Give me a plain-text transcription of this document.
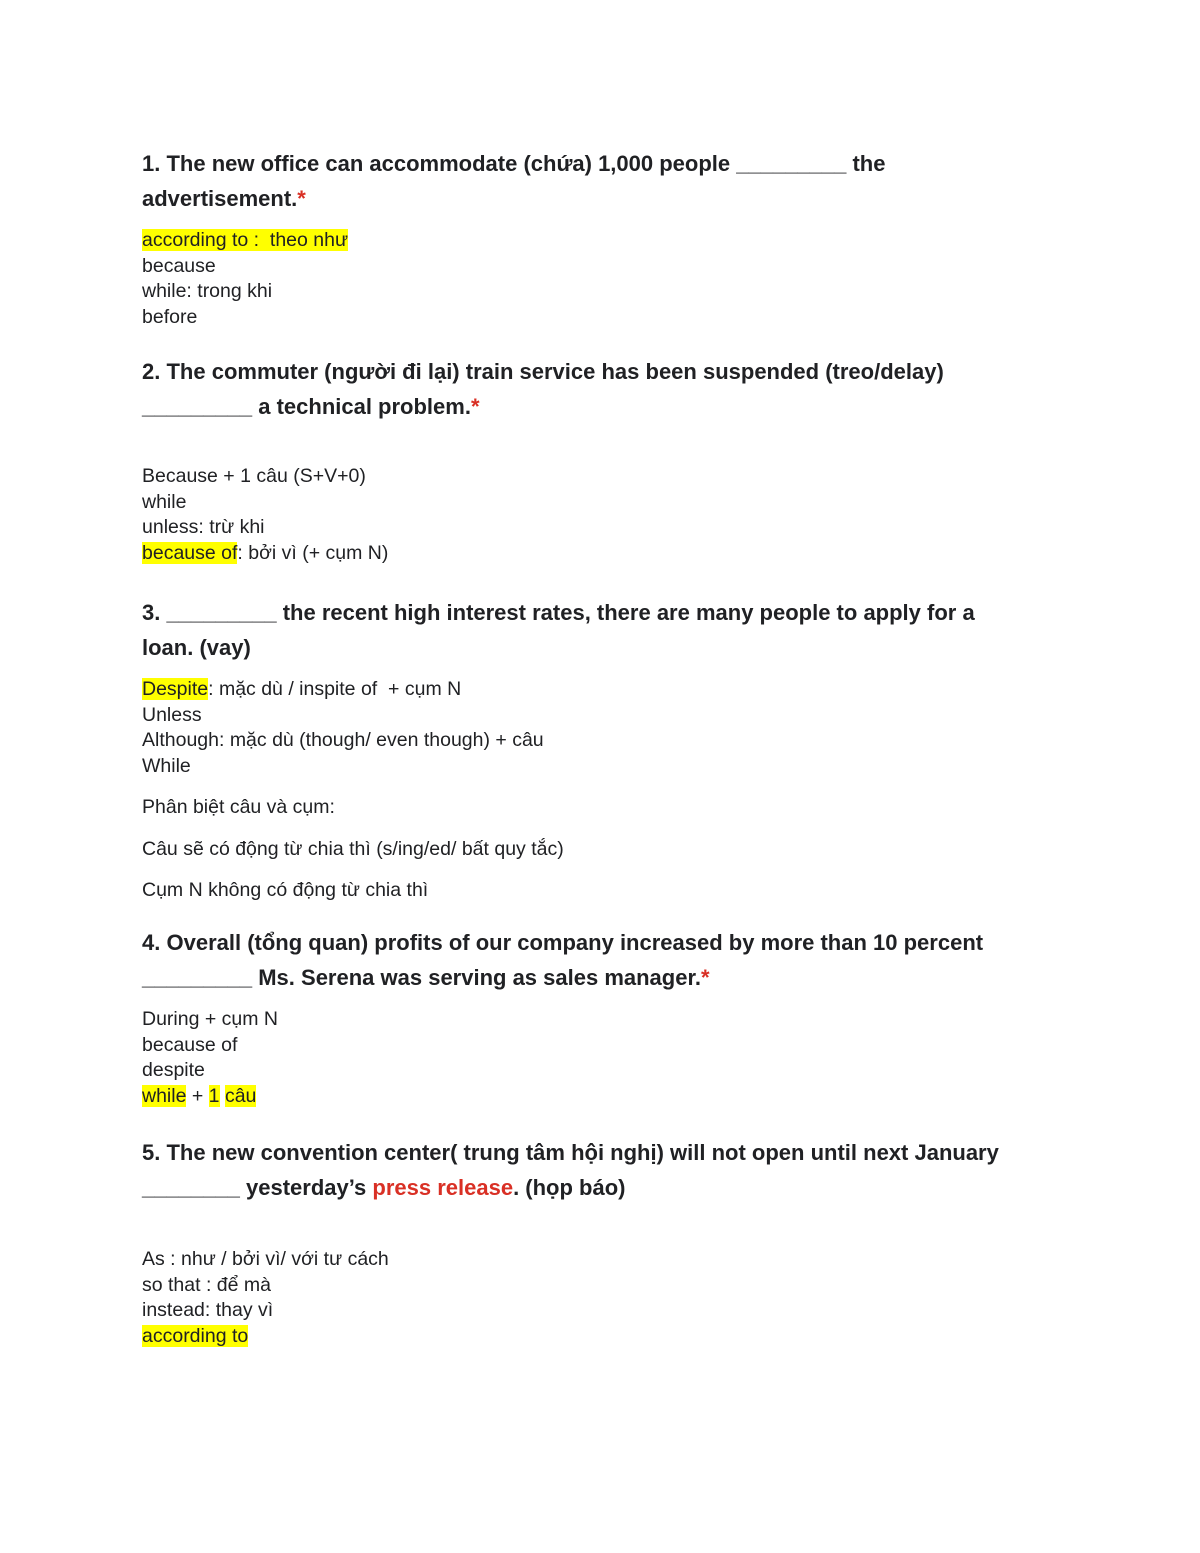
1. The new office can accommodate (chứa) 1,000 people _________ the
advertisement.*

according to :  theo như
because
while: trong khi
before

2. The commuter (người đi lại) train service has been suspended (treo/delay)
_________ a technical problem.*

Because + 1 câu (S+V+0)
while
unless: trừ khi
because of: bởi vì (+ cụm N)

3. _________ the recent high interest rates, there are many people to apply for a
loan. (vay)

Despite: mặc dù / inspite of  + cụm N
Unless
Although: mặc dù (though/ even though) + câu
While

Phân biệt câu và cụm:

Câu sẽ có động từ chia thì (s/ing/ed/ bất quy tắc)

Cụm N không có động từ chia thì

4. Overall (tổng quan) profits of our company increased by more than 10 percent
_________ Ms. Serena was serving as sales manager.*

During + cụm N
because of
despite
while + 1 câu

5. The new convention center( trung tâm hội nghị) will not open until next January
________ yesterday’s press release. (họp báo)

As : như / bởi vì/ với tư cách
so that : để mà
instead: thay vì
according to
